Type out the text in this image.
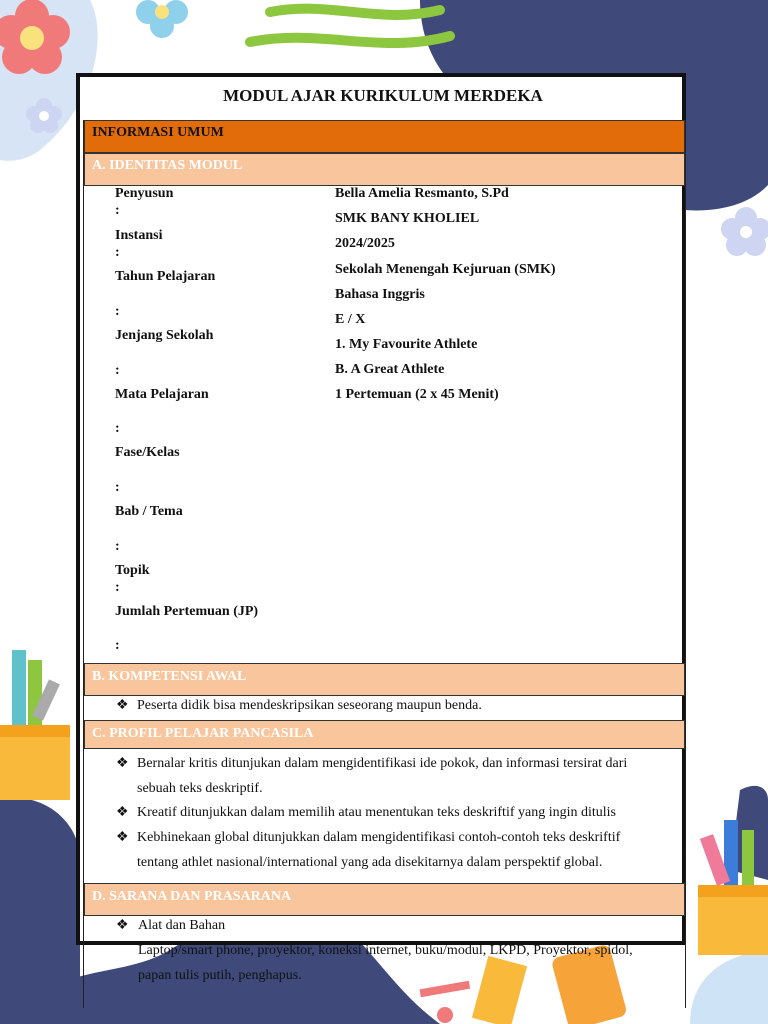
MODUL AJAR KURIKULUM MERDEKA
INFORMASI UMUM
A. IDENTITAS MODUL
Penyusun
:
Instansi
:
Tahun Pelajaran
:
Jenjang Sekolah
:
Mata Pelajaran
:
Fase/Kelas
:
Bab / Tema
:
Topik
:
Jumlah Pertemuan (JP)
:
Bella Amelia Resmanto, S.Pd
SMK BANY KHOLIEL
2024/2025
Sekolah Menengah Kejuruan (SMK)
Bahasa Inggris
E / X
1. My Favourite Athlete
B. A Great Athlete
1 Pertemuan (2 x 45 Menit)
B. KOMPETENSI AWAL
❖ Peserta didik bisa mendeskripsikan seseorang maupun benda.
C. PROFIL PELAJAR PANCASILA
❖ Bernalar kritis ditunjukan dalam mengidentifikasi ide pokok, dan informasi tersirat dari
sebuah teks deskriptif.
❖ Kreatif ditunjukkan dalam memilih atau menentukan teks deskriftif yang ingin ditulis
❖ Kebhinekaan global ditunjukkan dalam mengidentifikasi contoh-contoh teks deskriftif
tentang athlet nasional/international yang ada disekitarnya dalam perspektif global.
D. SARANA DAN PRASARANA
❖ Alat dan Bahan
Laptop/smart phone, proyektor, koneksi internet, buku/modul, LKPD, Proyektor, spidol,
papan tulis putih, penghapus.
